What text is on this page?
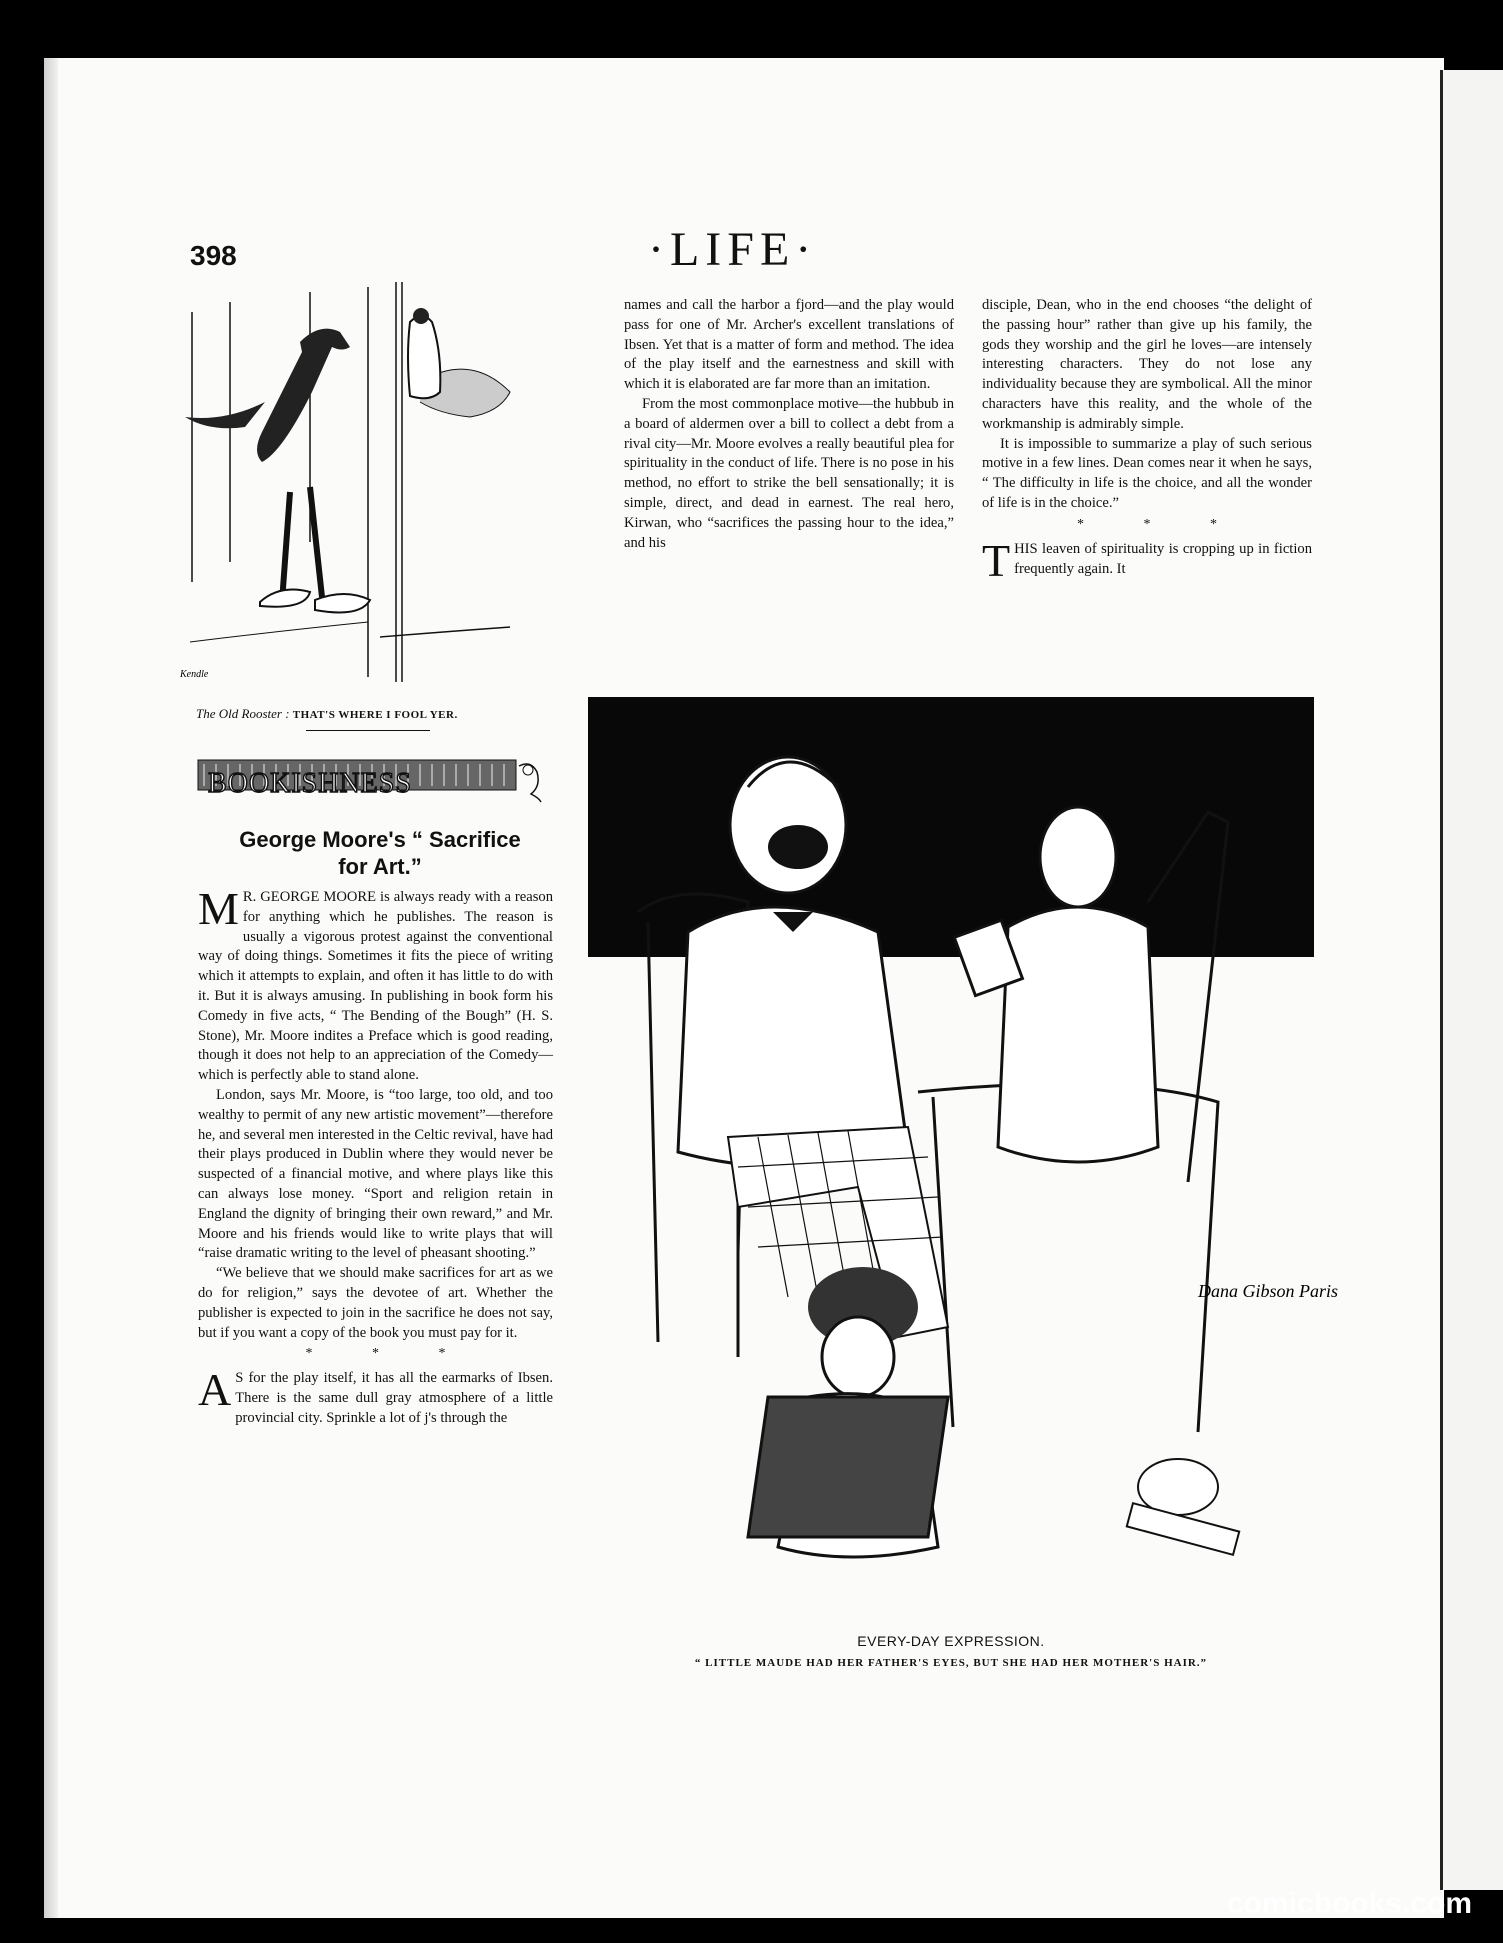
398	·LIFE·
Kendle
The Old Rooster : THAT'S WHERE I FOOL YER.
BOOKISHNESS
George Moore's “ Sacrifice
for Art.”

M R. GEORGE MOORE is always ready with a reason for anything which he publishes. The reason is usually a vigorous protest against the conventional way of doing things. Sometimes it fits the piece of writing which it attempts to explain, and often it has little to do with it. But it is always amusing. In publishing in book form his Comedy in five acts, “ The Bending of the Bough” (H. S. Stone), Mr. Moore indites a Preface which is good reading, though it does not help to an appreciation of the Comedy—which is perfectly able to stand alone.

London, says Mr. Moore, is “too large, too old, and too wealthy to permit of any new artistic movement”—therefore he, and several men interested in the Celtic revival, have had their plays produced in Dublin where they would never be suspected of a financial motive, and where plays like this can always lose money. “Sport and religion retain in England the dignity of bringing their own reward,” and Mr. Moore and his friends would like to write plays that will “raise dramatic writing to the level of pheasant shooting.”

“We believe that we should make sacrifices for art as we do for religion,” says the devotee of art. Whether the publisher is expected to join in the sacrifice he does not say, but if you want a copy of the book you must pay for it.

* * *

A S for the play itself, it has all the earmarks of Ibsen. There is the same dull gray atmosphere of a little provincial city. Sprinkle a lot of j's through the

names and call the harbor a fjord—and the play would pass for one of Mr. Archer's excellent translations of Ibsen. Yet that is a matter of form and method. The idea of the play itself and the earnestness and skill with which it is elaborated are far more than an imitation.

From the most commonplace motive—the hubbub in a board of aldermen over a bill to collect a debt from a rival city—Mr. Moore evolves a really beautiful plea for spirituality in the conduct of life. There is no pose in his method, no effort to strike the bell sensationally; it is simple, direct, and dead in earnest. The real hero, Kirwan, who “sacrifices the passing hour to the idea,” and his

disciple, Dean, who in the end chooses “the delight of the passing hour” rather than give up his family, the gods they worship and the girl he loves—are intensely interesting characters. They do not lose any individuality because they are symbolical. All the minor characters have this reality, and the whole of the workmanship is admirably simple.

It is impossible to summarize a play of such serious motive in a few lines. Dean comes near it when he says, “ The difficulty in life is the choice, and all the wonder of life is in the choice.”

* * *

THIS leaven of spirituality is cropping up in fiction frequently again. It

Dana Gibson Paris
EVERY-DAY EXPRESSION.
“ LITTLE MAUDE HAD HER FATHER'S EYES, BUT SHE HAD HER MOTHER'S HAIR.”
comicbooks.com
